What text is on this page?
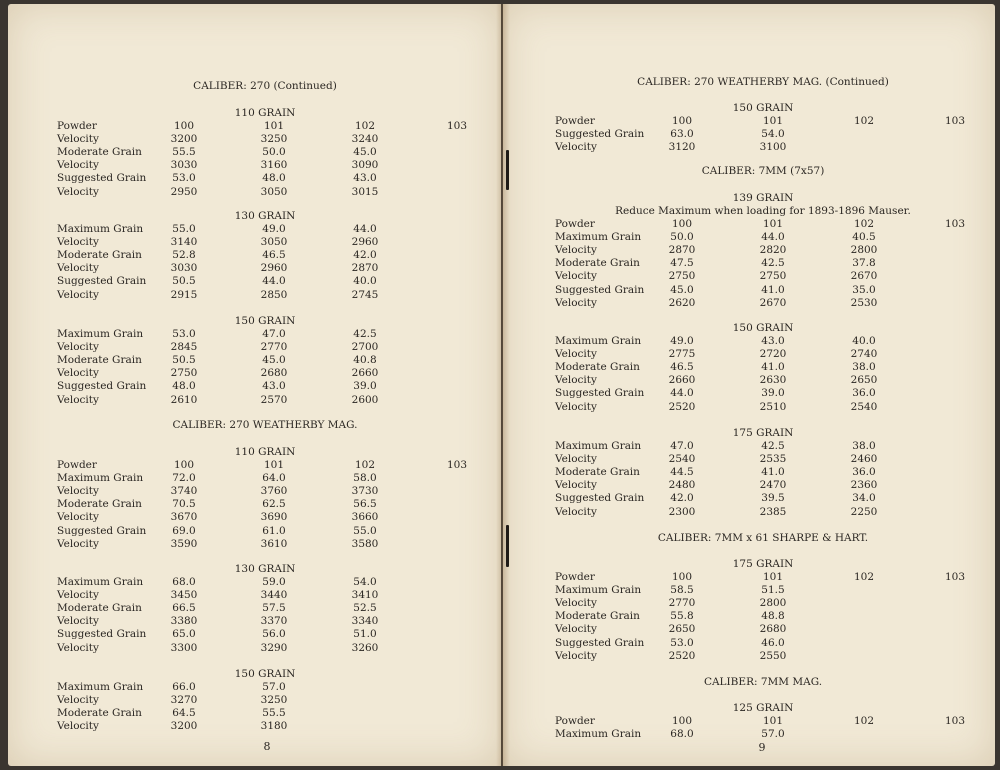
CALIBER: 270 (Continued)
110 GRAIN
Powder	100	101	102	103
Velocity	3200	3250	3240
Moderate Grain	55.5	50.0	45.0
Velocity	3030	3160	3090
Suggested Grain 53.0	48.0	43.0
Velocity	2950	3050	3015
130 GRAIN
Maximum Grain	55.0	49.0	44.0
Velocity	3140	3050	2960
Moderate Grain	52.8	46.5	42.0
Velocity	3030	2960	2870
Suggested Grain 50.5	44.0	40.0
Velocity	2915	2850	2745
150 GRAIN
Maximum Grain	53.0	47.0	42.5
Velocity	2845	2770	2700
Moderate Grain	50.5	45.0	40.8
Velocity	2750	2680	2660
Suggested Grain 48.0	43.0	39.0
Velocity	2610	2570	2600
CALIBER: 270 WEATHERBY MAG.
110 GRAIN
Powder	100	101	102	103
Maximum Grain	72.0	64.0	58.0
Velocity	3740	3760	3730
Moderate Grain	70.5	62.5	56.5
Velocity	3670	3690	3660
Suggested Grain 69.0	61.0	55.0
Velocity	3590	3610	3580
130 GRAIN
Maximum Grain	68.0	59.0	54.0
Velocity	3450	3440	3410
Moderate Grain	66.5	57.5	52.5
Velocity	3380	3370	3340
Suggested Grain 65.0	56.0	51.0
Velocity	3300	3290	3260
150 GRAIN
Maximum Grain	66.0	57.0
Velocity	3270	3250
Moderate Grain	64.5	55.5
Velocity	3200	3180
8
CALIBER: 270 WEATHERBY MAG. (Continued)
150 GRAIN
Powder	100	101	102	103
Suggested Grain 63.0	54.0
Velocity	3120	3100
CALIBER: 7MM (7x57)
139 GRAIN
Reduce Maximum when loading for 1893-1896 Mauser.
Powder	100	101	102	103
Maximum Grain	50.0	44.0	40.5
Velocity	2870	2820	2800
Moderate Grain	47.5	42.5	37.8
Velocity	2750	2750	2670
Suggested Grain 45.0	41.0	35.0
Velocity	2620	2670	2530
150 GRAIN
Maximum Grain	49.0	43.0	40.0
Velocity	2775	2720	2740
Moderate Grain	46.5	41.0	38.0
Velocity	2660	2630	2650
Suggested Grain 44.0	39.0	36.0
Velocity	2520	2510	2540
175 GRAIN
Maximum Grain	47.0	42.5	38.0
Velocity	2540	2535	2460
Moderate Grain	44.5	41.0	36.0
Velocity	2480	2470	2360
Suggested Grain 42.0	39.5	34.0
Velocity	2300	2385	2250
CALIBER: 7MM x 61 SHARPE & HART.
175 GRAIN
Powder	100	101	102	103
Maximum Grain	58.5	51.5
Velocity	2770	2800
Moderate Grain	55.8	48.8
Velocity	2650	2680
Suggested Grain 53.0	46.0
Velocity	2520	2550
CALIBER: 7MM MAG.
125 GRAIN
Powder	100	101	102	103
Maximum Grain	68.0	57.0
9
